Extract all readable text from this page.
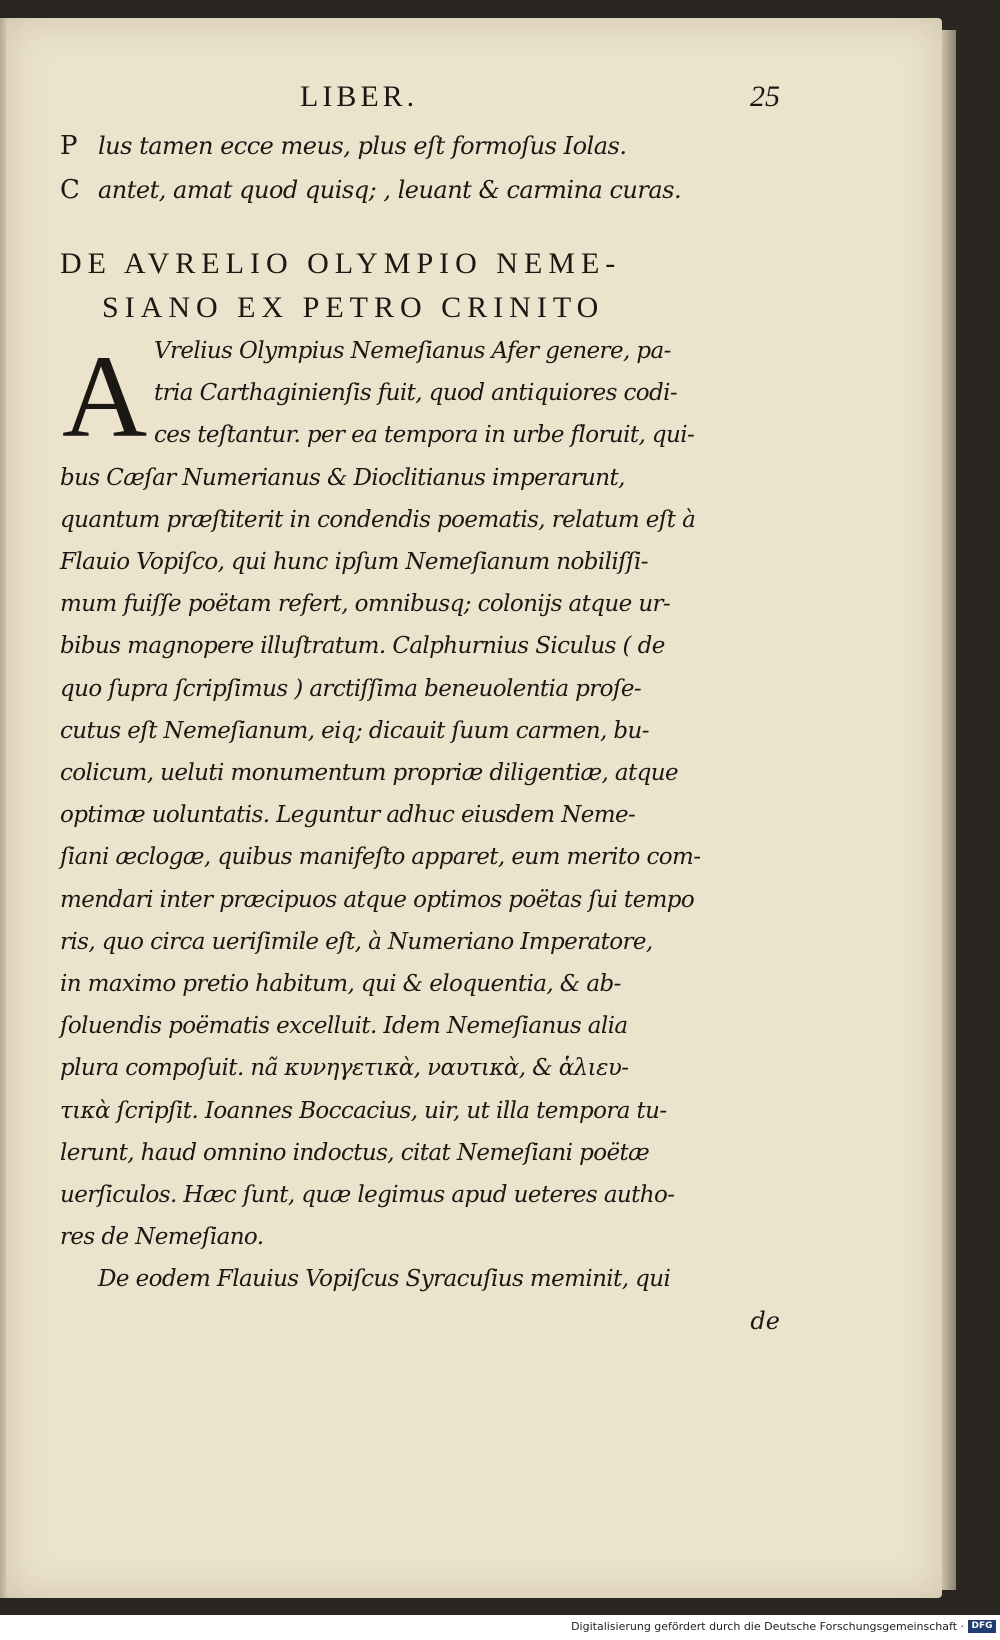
LIBER.	25
P lus tamen ecce meus, plus eſt formoſus Iolas.
C antet, amat quod quisq; , leuant & carmina curas.
DE AVRELIO OLYMPIO NEME-
SIANO EX PETRO CRINITO
A Vrelius Olympius Nemeſianus Afer genere, pa-
tria Carthaginienſis fuit, quod antiquiores codi-
ces teſtantur. per ea tempora in urbe floruit, qui-
bus Cæſar Numerianus & Dioclitianus imperarunt,
quantum præſtiterit in condendis poematis, relatum eſt à
Flauio Vopiſco, qui hunc ipſum Nemeſianum nobiliſſi-
mum fuiſſe poëtam refert, omnibusq; colonijs atque ur-
bibus magnopere illuſtratum. Calphurnius Siculus ( de
quo ſupra ſcripſimus ) arctiſſima beneuolentia proſe-
cutus eſt Nemeſianum, eiq; dicauit ſuum carmen, bu-
colicum, ueluti monumentum propriæ diligentiæ, atque
optimæ uoluntatis. Leguntur adhuc eiusdem Neme-
ſiani æclogæ, quibus manifeſto apparet, eum merito com-
mendari inter præcipuos atque optimos poëtas ſui tempo
ris, quo circa ueriſimile eſt, à Numeriano Imperatore,
in maximo pretio habitum, qui & eloquentia, & ab-
ſoluendis poëmatis excelluit. Idem Nemeſianus alia
plura compoſuit. nã κυνηγετικὰ, ναυτικὰ, & ἁλιευ-
τικὰ ſcripſit. Ioannes Boccacius, uir, ut illa tempora tu-
lerunt, haud omnino indoctus, citat Nemeſiani poëtæ
uerſiculos. Hæc ſunt, quæ legimus apud ueteres autho-
res de Nemeſiano.
De eodem Flauius Vopiſcus Syracuſius meminit, qui
de
Digitalisierung gefördert durch die Deutsche Forschungsgemeinschaft · DFG
